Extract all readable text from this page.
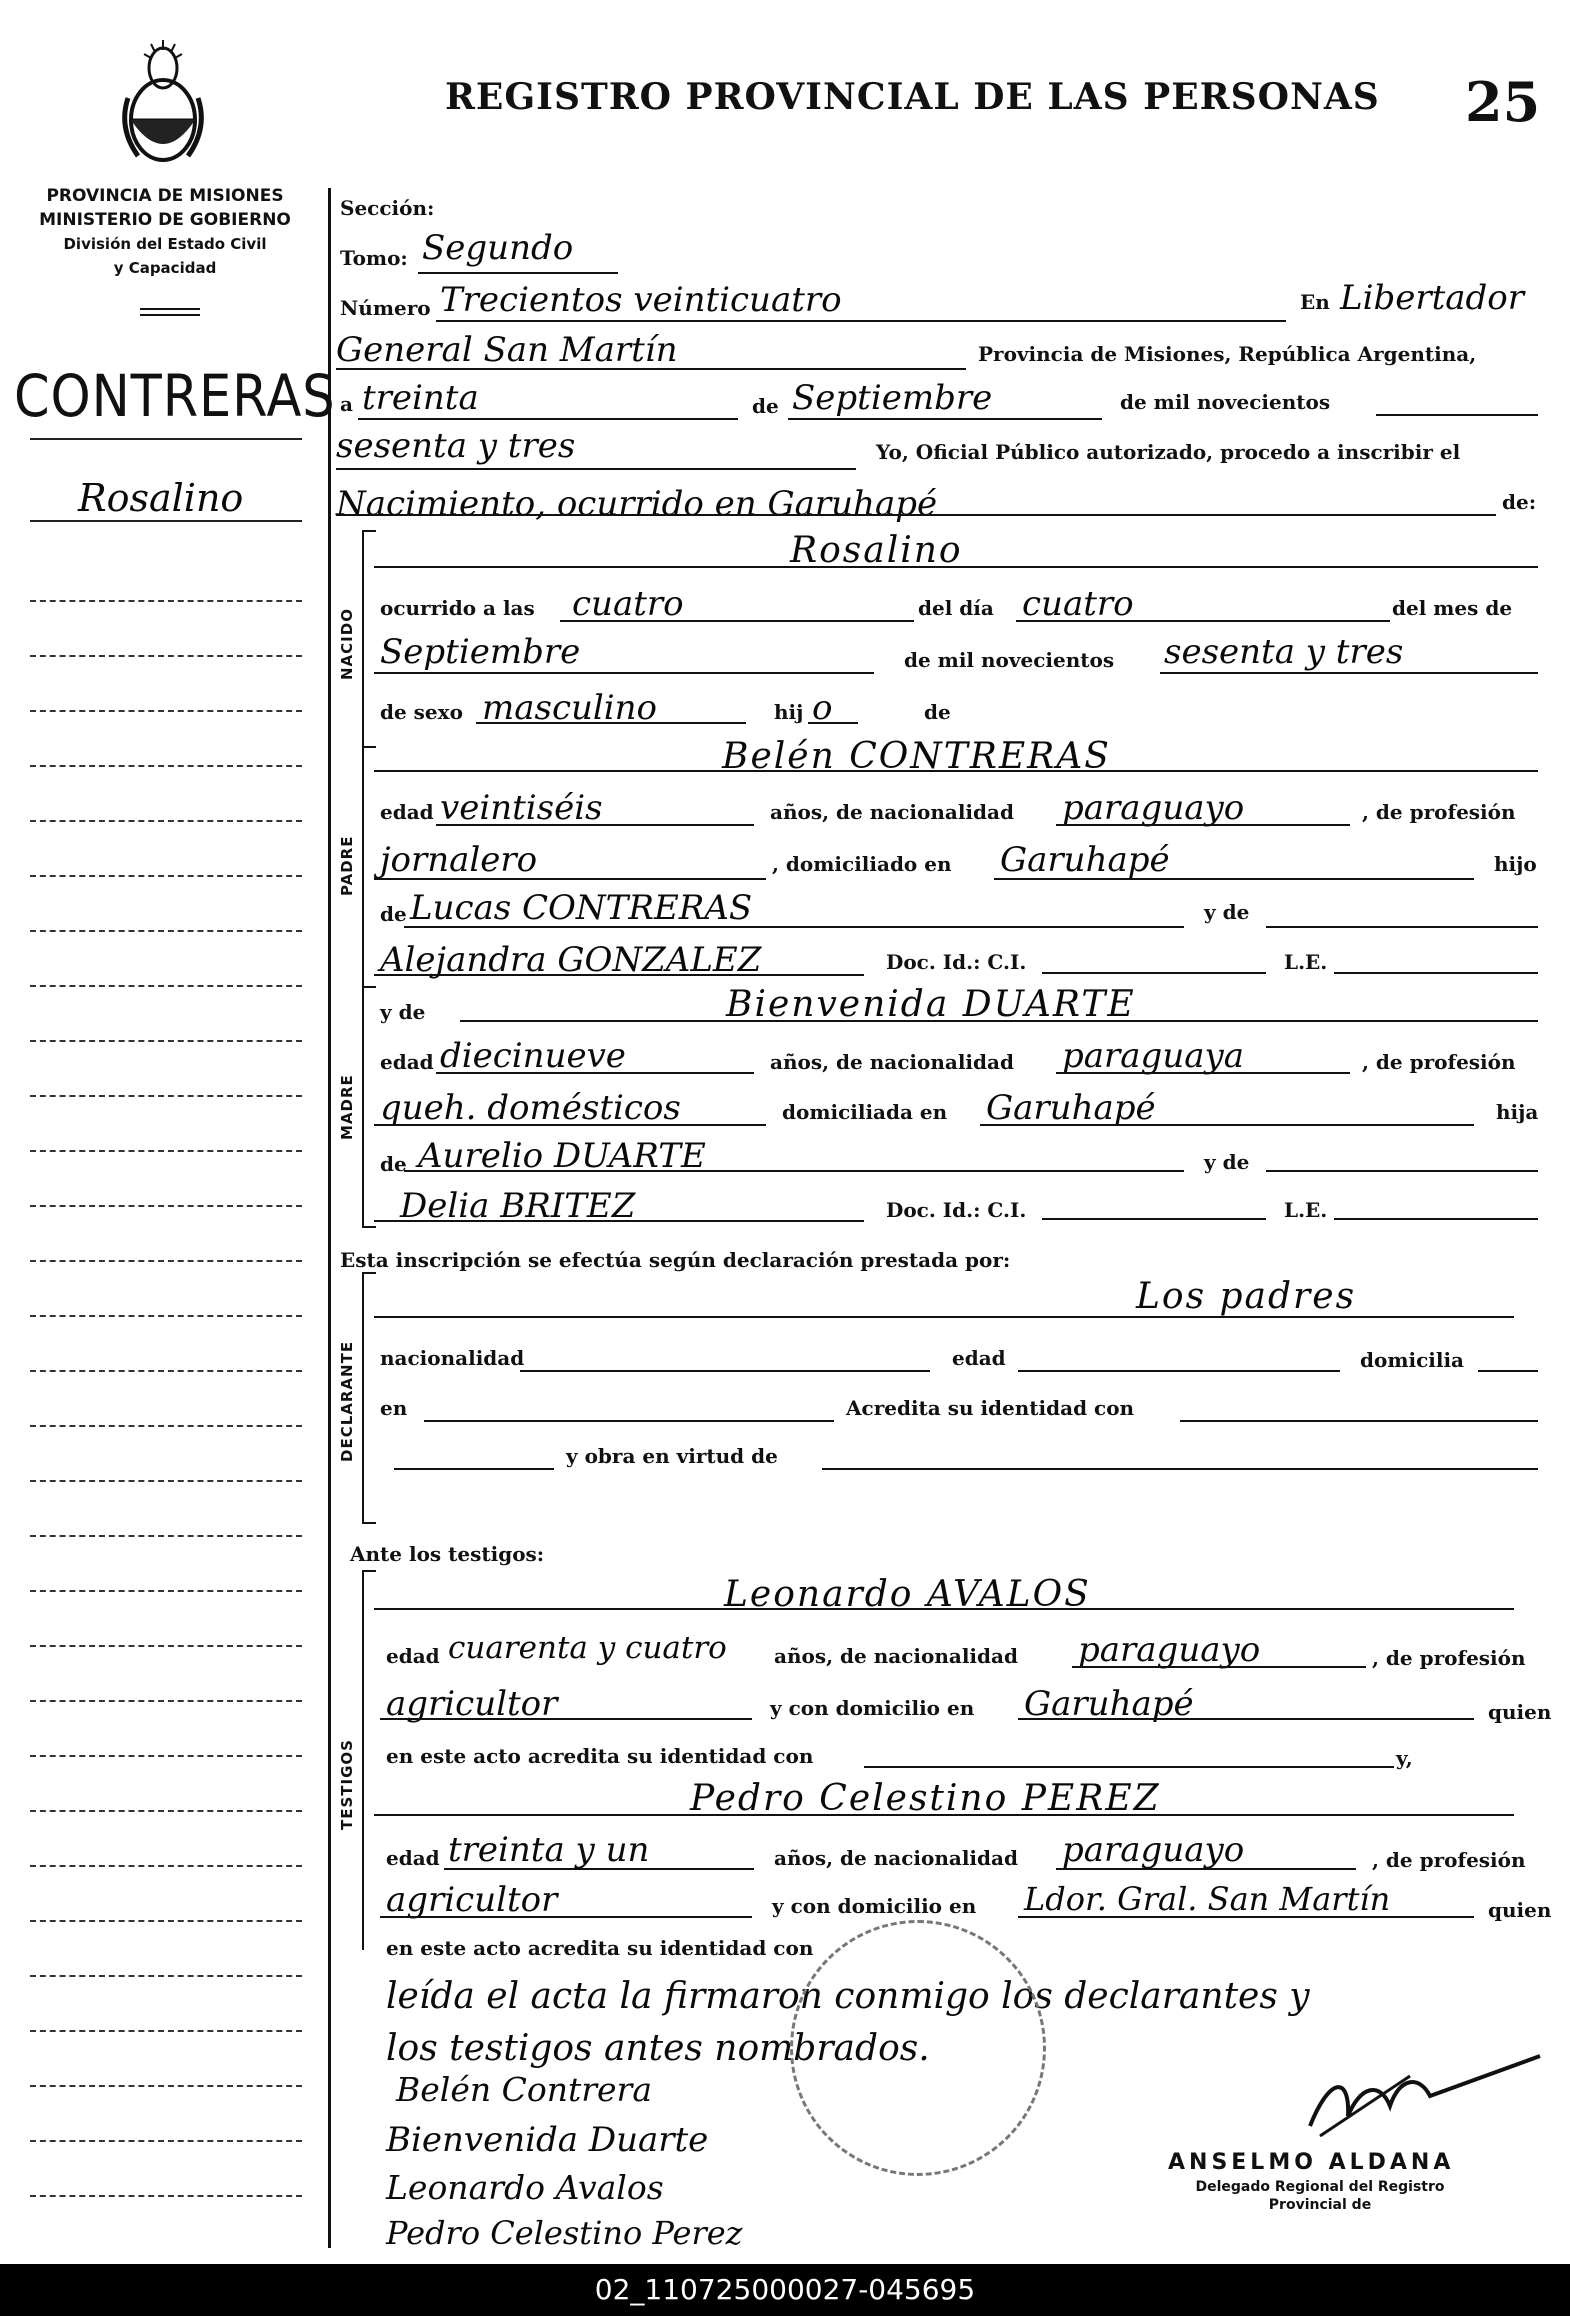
REGISTRO PROVINCIAL DE LAS PERSONAS 25
PROVINCIA DE MISIONES
MINISTERIO DE GOBIERNO
División del Estado Civil
y Capacidad
CONTRERAS
Rosalino
Sección:
Tomo: Segundo
Número Trecientos veinticuatro	En Libertador
General San Martín	Provincia de Misiones, República Argentina,
a treinta	de Septiembre	de mil novecientos
sesenta y tres	Yo, Oficial Público autorizado, procedo a inscribir el
Nacimiento, ocurrido en Garuhapé	de:
NACIDO
Rosalino
ocurrido a las cuatro	del día cuatro	del mes de
Septiembre	de mil novecientos sesenta y tres
de sexo masculino	hij o	de
PADRE
Belén CONTRERAS
edad veintiséis	años, de nacionalidad paraguayo	, de profesión
jornalero	, domiciliado en Garuhapé	hijo
de Lucas CONTRERAS	y de
Alejandra GONZALEZ	Doc. Id.: C.I.	L.E.
MADRE
y de	Bienvenida DUARTE
edad diecinueve	años, de nacionalidad paraguaya	, de profesión
queh. domésticos	domiciliada en Garuhapé	hija
de Aurelio DUARTE	y de
Delia BRITEZ	Doc. Id.: C.I.	L.E.
Esta inscripción se efectúa según declaración prestada por:
DECLARANTE
Los padres
nacionalidad	edad	domicilia
en	Acredita su identidad con
y obra en virtud de
Ante los testigos:
TESTIGOS
Leonardo AVALOS
edad cuarenta y cuatro años, de nacionalidad paraguayo	, de profesión
agricultor	y con domicilio en Garuhapé	quien
en este acto acredita su identidad con	y,
Pedro Celestino PEREZ
edad treinta y un	años, de nacionalidad paraguayo	, de profesión
agricultor	y con domicilio en Ldor. Gral. San Martín	quien
en este acto acredita su identidad con
leída el acta la firmaron conmigo los declarantes y
los testigos antes nombrados.
Belén Contrera
Bienvenida Duarte
Leonardo Avalos
Pedro Celestino Perez
ANSELMO ALDANA
Delegado Regional del Registro
Provincial de
02_110725000027-045695
